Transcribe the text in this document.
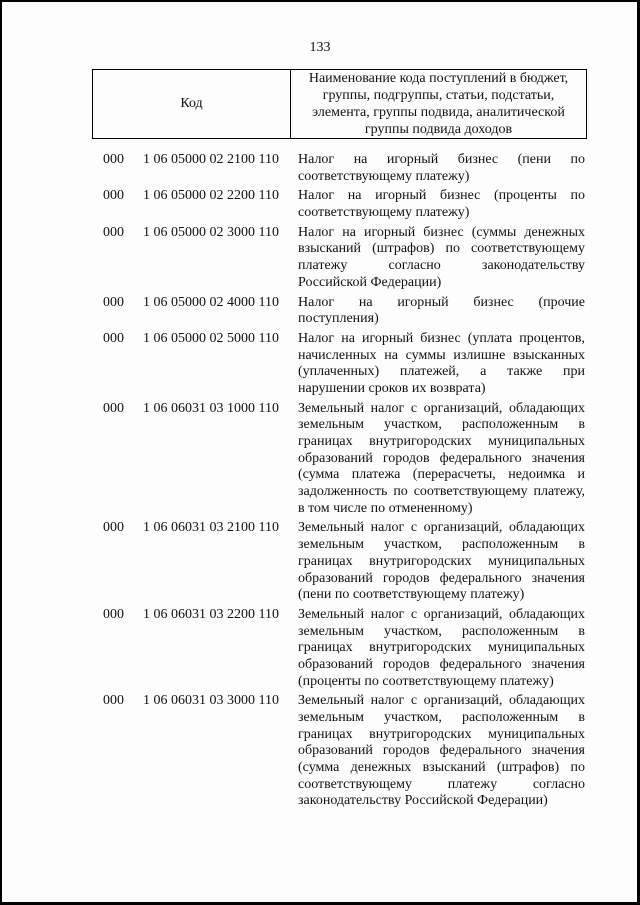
133
Код	
Наименование кода поступлений в бюджет,
группы, подгруппы, статьи, подстатьи,
элемента, группы подвида, аналитической
группы подвида доходов
000	1 06 05000 02 2100 110	Налог на игорный бизнес (пени по
соответствующему платежу)
000	1 06 05000 02 2200 110	Налог на игорный бизнес (проценты по
соответствующему платежу)
000	1 06 05000 02 3000 110	Налог на игорный бизнес (суммы денежных
взысканий (штрафов) по соответствующему
платежу согласно законодательству
Российской Федерации)
000	1 06 05000 02 4000 110	Налог на игорный бизнес (прочие
поступления)
000	1 06 05000 02 5000 110	Налог на игорный бизнес (уплата процентов,
начисленных на суммы излишне взысканных
(уплаченных) платежей, а также при
нарушении сроков их возврата)
000	1 06 06031 03 1000 110	Земельный налог с организаций, обладающих
земельным участком, расположенным в
границах внутригородских муниципальных
образований городов федерального значения
(сумма платежа (перерасчеты, недоимка и
задолженность по соответствующему платежу,
в том числе по отмененному)
000	1 06 06031 03 2100 110	Земельный налог с организаций, обладающих
земельным участком, расположенным в
границах внутригородских муниципальных
образований городов федерального значения
(пени по соответствующему платежу)
000	1 06 06031 03 2200 110	Земельный налог с организаций, обладающих
земельным участком, расположенным в
границах внутригородских муниципальных
образований городов федерального значения
(проценты по соответствующему платежу)
000	1 06 06031 03 3000 110	Земельный налог с организаций, обладающих
земельным участком, расположенным в
границах внутригородских муниципальных
образований городов федерального значения
(сумма денежных взысканий (штрафов) по
соответствующему платежу согласно
законодательству Российской Федерации)
